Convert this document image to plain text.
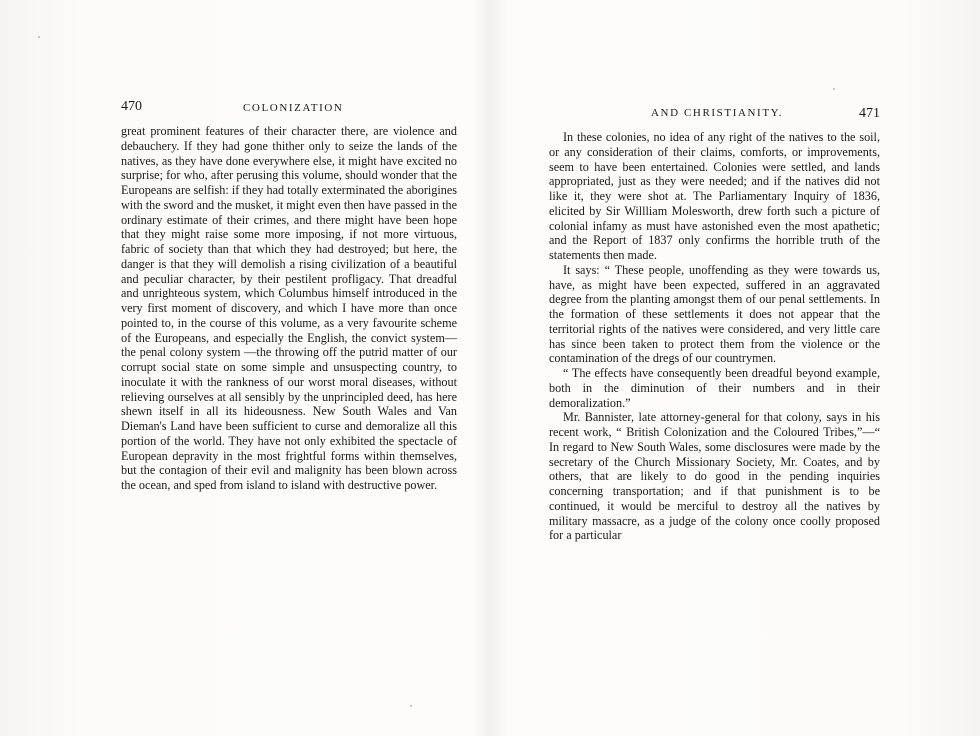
470	COLONIZATION

great prominent features of their character there, are violence and debauchery. If they had gone thither only to seize the lands of the natives, as they have done everywhere else, it might have excited no surprise; for who, after perusing this volume, should wonder that the Europeans are selfish: if they had totally exterminated the aborigines with the sword and the musket, it might even then have passed in the ordinary estimate of their crimes, and there might have been hope that they might raise some more imposing, if not more virtuous, fabric of society than that which they had destroyed; but here, the danger is that they will demolish a rising civilization of a beautiful and peculiar character, by their pestilent profligacy. That dreadful and unrighteous system, which Columbus himself introduced in the very first moment of discovery, and which I have more than once pointed to, in the course of this volume, as a very favourite scheme of the Europeans, and especially the English, the convict system—the penal colony system —the throwing off the putrid matter of our corrupt social state on some simple and unsuspecting country, to inoculate it with the rankness of our worst moral diseases, without relieving ourselves at all sensibly by the unprincipled deed, has here shewn itself in all its hideousness. New South Wales and Van Dieman's Land have been sufficient to curse and demoralize all this portion of the world. They have not only exhibited the spectacle of European depravity in the most frightful forms within themselves, but the contagion of their evil and malignity has been blown across the ocean, and sped from island to island with destructive power.

AND CHRISTIANITY.	471

In these colonies, no idea of any right of the natives to the soil, or any consideration of their claims, comforts, or improvements, seem to have been entertained. Colonies were settled, and lands appropriated, just as they were needed; and if the natives did not like it, they were shot at. The Parliamentary Inquiry of 1836, elicited by Sir Willliam Molesworth, drew forth such a picture of colonial infamy as must have astonished even the most apathetic; and the Report of 1837 only confirms the horrible truth of the statements then made.

It says: “ These people, unoffending as they were towards us, have, as might have been expected, suffered in an aggravated degree from the planting amongst them of our penal settlements. In the formation of these settlements it does not appear that the territorial rights of the natives were considered, and very little care has since been taken to protect them from the violence or the contamination of the dregs of our countrymen.

“ The effects have consequently been dreadful beyond example, both in the diminution of their numbers and in their demoralization.”

Mr. Bannister, late attorney-general for that colony, says in his recent work, “ British Colonization and the Coloured Tribes,”—“ In regard to New South Wales, some disclosures were made by the secretary of the Church Missionary Society, Mr. Coates, and by others, that are likely to do good in the pending inquiries concerning transportation; and if that punishment is to be continued, it would be merciful to destroy all the natives by military massacre, as a judge of the colony once coolly proposed for a particular
